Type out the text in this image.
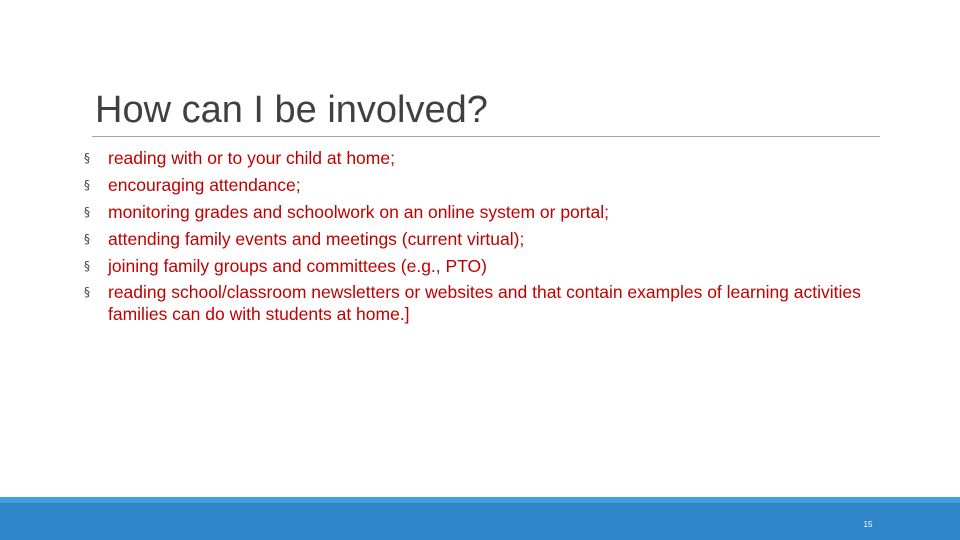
How can I be involved?
§	reading with or to your child at home;
§	encouraging attendance;
§	monitoring grades and schoolwork on an online system or portal;
§	attending family events and meetings (current virtual);
§	joining family groups and committees (e.g., PTO)
§	reading school/classroom newsletters or websites and that contain examples of learning activities families can do with students at home.]
15
